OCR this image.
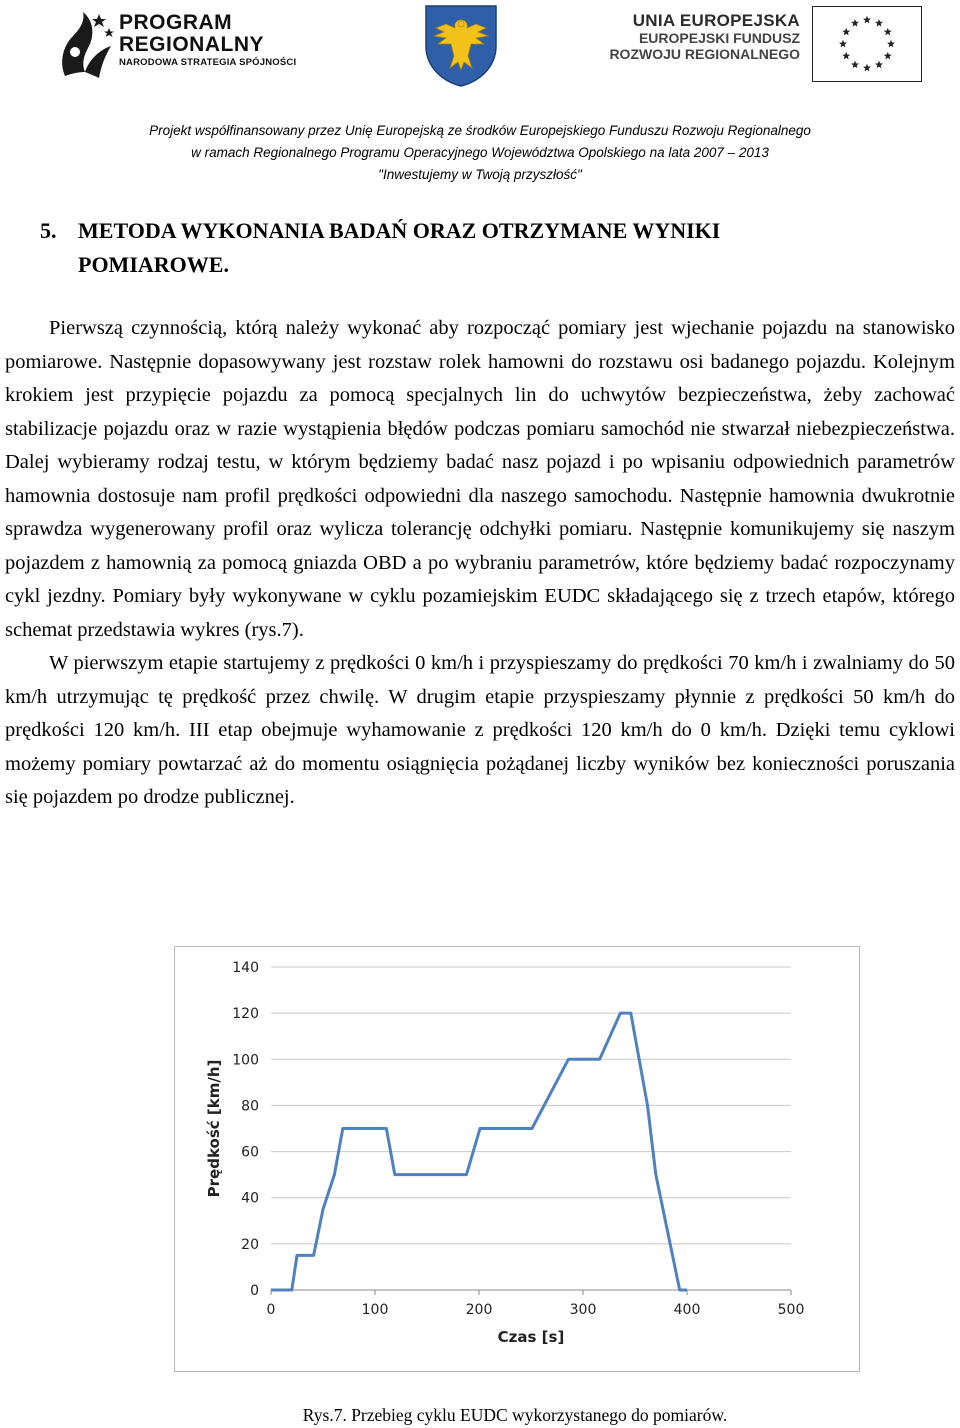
PROGRAM
REGIONALNY
NARODOWA STRATEGIA SPÓJNOŚCI
UNIA EUROPEJSKA
EUROPEJSKI FUNDUSZ
ROZWOJU REGIONALNEGO
Projekt współfinansowany przez Unię Europejską ze środków Europejskiego Funduszu Rozwoju Regionalnego
w ramach Regionalnego Programu Operacyjnego Województwa Opolskiego na lata 2007 – 2013
"Inwestujemy w Twoją przyszłość"
5. METODA WYKONANIA BADAŃ ORAZ OTRZYMANE WYNIKI
POMIAROWE.

Pierwszą czynnością, którą należy wykonać aby rozpocząć pomiary jest wjechanie pojazdu na stanowisko pomiarowe. Następnie dopasowywany jest rozstaw rolek hamowni do rozstawu osi badanego pojazdu. Kolejnym krokiem jest przypięcie pojazdu za pomocą specjalnych lin do uchwytów bezpieczeństwa, żeby zachować stabilizacje pojazdu oraz w razie wystąpienia błędów podczas pomiaru samochód nie stwarzał niebezpieczeństwa. Dalej wybieramy rodzaj testu, w którym będziemy badać nasz pojazd i po wpisaniu odpowiednich parametrów hamownia dostosuje nam profil prędkości odpowiedni dla naszego samochodu. Następnie hamownia dwukrotnie sprawdza wygenerowany profil oraz wylicza tolerancję odchyłki pomiaru. Następnie komunikujemy się naszym pojazdem z hamownią za pomocą gniazda OBD a po wybraniu parametrów, które będziemy badać rozpoczynamy cykl jezdny. Pomiary były wykonywane w cyklu pozamiejskim EUDC składającego się z trzech etapów, którego schemat przedstawia wykres (rys.7).

W pierwszym etapie startujemy z prędkości 0 km/h i przyspieszamy do prędkości 70 km/h i zwalniamy do 50 km/h utrzymując tę prędkość przez chwilę. W drugim etapie przyspieszamy płynnie z prędkości 50 km/h do prędkości 120 km/h. III etap obejmuje wyhamowanie z prędkości 120 km/h do 0 km/h. Dzięki temu cyklowi możemy pomiary powtarzać aż do momentu osiągnięcia pożądanej liczby wyników bez konieczności poruszania się pojazdem po drodze publicznej.

0	100	200	300	400	500
0
20
40
60
80
100
120
140
Czas [s]
Prędkość [km/h]
Rys.7. Przebieg cyklu EUDC wykorzystanego do pomiarów.
